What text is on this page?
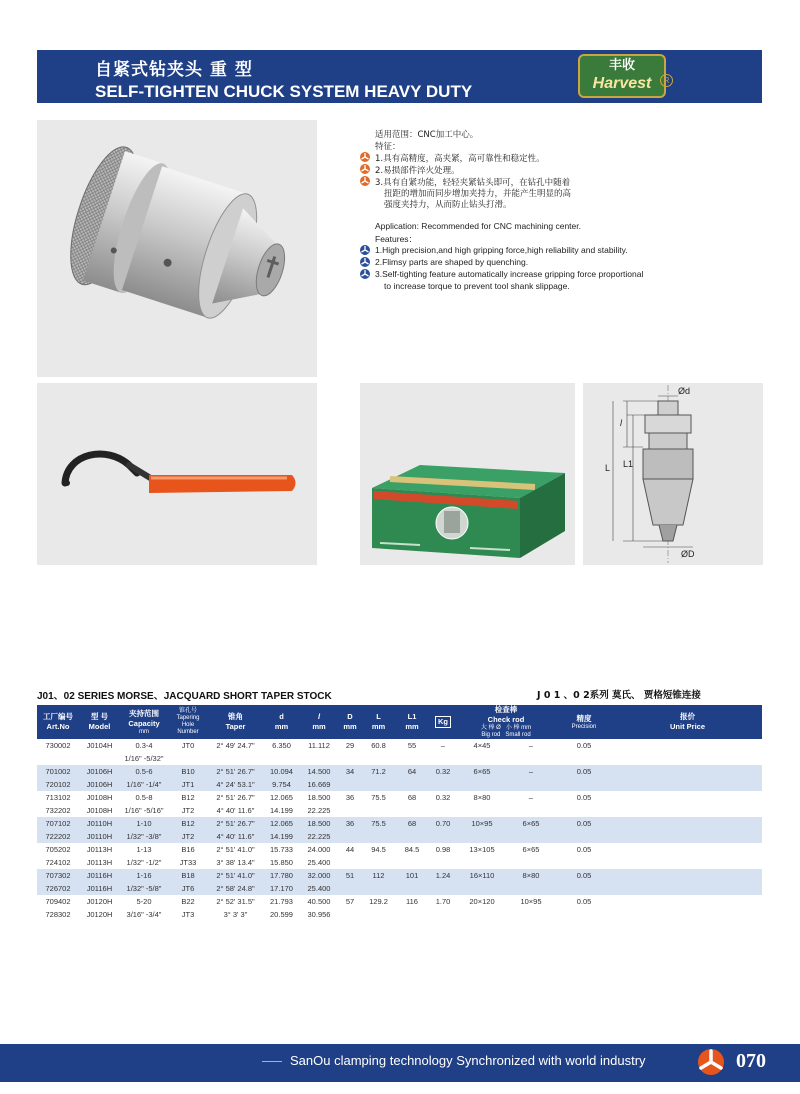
自紧式钻夹头 重 型
SELF-TIGHTEN CHUCK SYSTEM HEAVY DUTY
丰收
Harvest	R
适用范围：CNC加工中心。
特征：
1.具有高精度，高夹紧，高可靠性和稳定性。
2.易损部件淬火处理。
3.具有自紧功能，轻轻夹紧钻头即可，在钻孔中随着
扭距的增加而同步增加夹持力，并能产生明显的高
强度夹持力，从而防止钻头打滑。
Application: Recommended for CNC machining center.
Features：
1.High precision,and high gripping force,high reliability and stability.
2.Flimsy parts are shaped by quenching.
3.Self-tighting feature automatically increase gripping force proportional
to increase torque to prevent tool shank slippage.
Ød
l
L L1
ØD
J01、02 SERIES MORSE、JACQUARD SHORT TAPER STOCK	J 0 1 、0 2系列 莫氏、 贾格短锥连接
工厂编号
Art.No	型 号
Model	夹持范围
Capacity
mm	锥孔号
Tapering
Hole
Number	锥角
Taper	d
mm	l
mm	D
mm	L
mm	L1
mm	Kg	检查棒
Check rod
大 棒 Ø 小 棒 mm
Big rod Small rod		精度
Precision	报价
Unit Price
730002	J0104H	0.3-4	JT0	2° 49' 24.7"	6.350	11.112	29	60.8	55	–	4×45	–	0.05	
		1/16" -5/32"												
701002	J0106H	0.5-6	B10	2° 51' 26.7"	10.094	14.500	34	71.2	64	0.32	6×65	–	0.05	
720102	J0106H	1/16" -1/4"	JT1	4° 24' 53.1"	9.754	16.669								
713102	J0108H	0.5-8	B12	2° 51' 26.7"	12.065	18.500	36	75.5	68	0.32	8×80	–	0.05	
732202	J0108H	1/16" -5/16"	JT2	4° 40' 11.6"	14.199	22.225								
707102	J0110H	1-10	B12	2° 51' 26.7"	12.065	18.500	36	75.5	68	0.70	10×95	6×65	0.05	
722202	J0110H	1/32" -3/8"	JT2	4° 40' 11.6"	14.199	22.225								
705202	J0113H	1-13	B16	2° 51' 41.0"	15.733	24.000	44	94.5	84.5	0.98	13×105	6×65	0.05	
724102	J0113H	1/32" -1/2"	JT33	3° 38' 13.4"	15.850	25.400								
707302	J0116H	1-16	B18	2° 51' 41.0"	17.780	32.000	51	112	101	1.24	16×110	8×80	0.05	
726702	J0116H	1/32" -5/8"	JT6	2° 58' 24.8"	17.170	25.400								
709402	J0120H	5-20	B22	2° 52' 31.5"	21.793	40.500	57	129.2	116	1.70	20×120	10×95	0.05	
728302	J0120H	3/16" -3/4"	JT3	3° 3' 3"	20.599	30.956								
SanOu clamping technology Synchronized with world industry	070
